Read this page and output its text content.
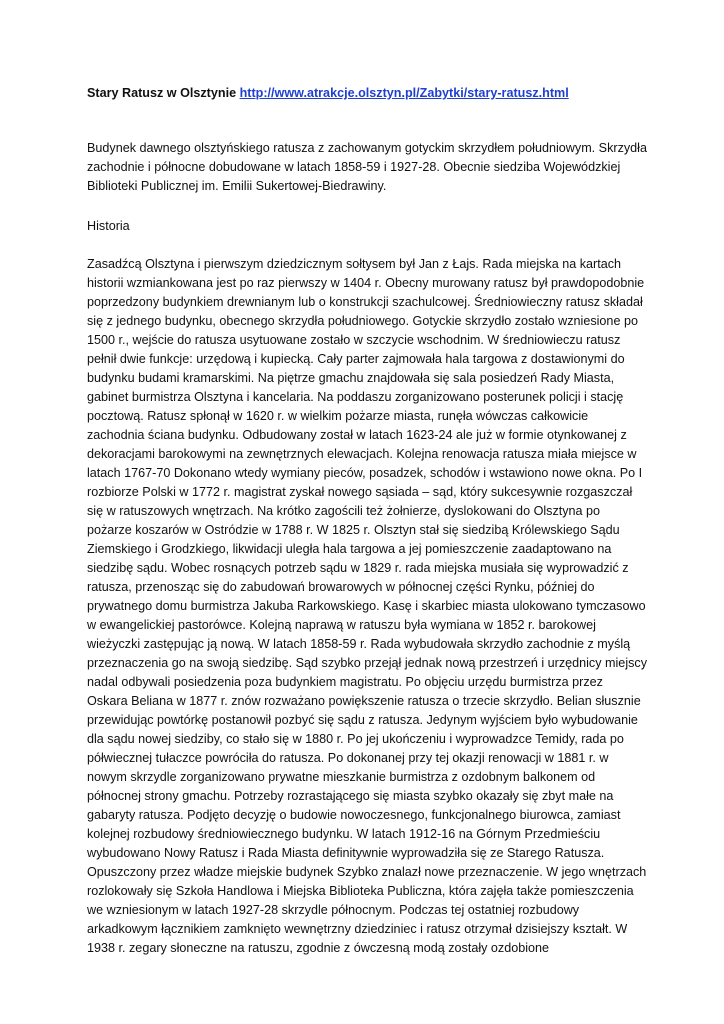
Stary Ratusz w Olsztynie http://www.atrakcje.olsztyn.pl/Zabytki/stary-ratusz.html

Budynek dawnego olsztyńskiego ratusza z zachowanym gotyckim skrzydłem południowym. Skrzydła zachodnie i północne dobudowane w latach 1858-59 i 1927-28. Obecnie siedziba Wojewódzkiej Biblioteki Publicznej im. Emilii Sukertowej-Biedrawiny.

Historia

Zasadźcą Olsztyna i pierwszym dziedzicznym sołtysem był Jan z Łajs. Rada miejska na kartach historii wzmiankowana jest po raz pierwszy w 1404 r. Obecny murowany ratusz był prawdopodobnie poprzedzony budynkiem drewnianym lub o konstrukcji szachulcowej. Średniowieczny ratusz składał się z jednego budynku, obecnego skrzydła południowego. Gotyckie skrzydło zostało wzniesione po 1500 r., wejście do ratusza usytuowane zostało w szczycie wschodnim. W średniowieczu ratusz pełnił dwie funkcje: urzędową i kupiecką. Cały parter zajmowała hala targowa z dostawionymi do budynku budami kramarskimi. Na piętrze gmachu znajdowała się sala posiedzeń Rady Miasta, gabinet burmistrza Olsztyna i kancelaria. Na poddaszu zorganizowano posterunek policji i stację pocztową. Ratusz spłonął w 1620 r. w wielkim pożarze miasta, runęła wówczas całkowicie zachodnia ściana budynku. Odbudowany został w latach 1623-24 ale już w formie otynkowanej z dekoracjami barokowymi na zewnętrznych elewacjach. Kolejna renowacja ratusza miała miejsce w latach 1767-70 Dokonano wtedy wymiany pieców, posadzek, schodów i wstawiono nowe okna. Po I rozbiorze Polski w 1772 r. magistrat zyskał nowego sąsiada – sąd, który sukcesywnie rozgaszczał się w ratuszowych wnętrzach. Na krótko zagościli też żołnierze, dyslokowani do Olsztyna po pożarze koszarów w Ostródzie w 1788 r. W 1825 r. Olsztyn stał się siedzibą Królewskiego Sądu Ziemskiego i Grodzkiego, likwidacji uległa hala targowa a jej pomieszczenie zaadaptowano na siedzibę sądu. Wobec rosnących potrzeb sądu w 1829 r. rada miejska musiała się wyprowadzić z ratusza, przenosząc się do zabudowań browarowych w północnej części Rynku, później do prywatnego domu burmistrza Jakuba Rarkowskiego. Kasę i skarbiec miasta ulokowano tymczasowo w ewangelickiej pastorówce. Kolejną naprawą w ratuszu była wymiana w 1852 r. barokowej wieżyczki zastępując ją nową. W latach 1858-59 r. Rada wybudowała skrzydło zachodnie z myślą przeznaczenia go na swoją siedzibę. Sąd szybko przejął jednak nową przestrzeń i urzędnicy miejscy nadal odbywali posiedzenia poza budynkiem magistratu. Po objęciu urzędu burmistrza przez Oskara Beliana w 1877 r. znów rozważano powiększenie ratusza o trzecie skrzydło. Belian słusznie przewidując powtórkę postanowił pozbyć się sądu z ratusza. Jedynym wyjściem było wybudowanie dla sądu nowej siedziby, co stało się w 1880 r. Po jej ukończeniu i wyprowadzce Temidy, rada po półwiecznej tułaczce powróciła do ratusza. Po dokonanej przy tej okazji renowacji w 1881 r. w nowym skrzydle zorganizowano prywatne mieszkanie burmistrza z ozdobnym balkonem od północnej strony gmachu. Potrzeby rozrastającego się miasta szybko okazały się zbyt małe na gabaryty ratusza. Podjęto decyzję o budowie nowoczesnego, funkcjonalnego biurowca, zamiast kolejnej rozbudowy średniowiecznego budynku. W latach 1912-16 na Górnym Przedmieściu wybudowano Nowy Ratusz i Rada Miasta definitywnie wyprowadziła się ze Starego Ratusza. Opuszczony przez władze miejskie budynek Szybko znalazł nowe przeznaczenie. W jego wnętrzach rozlokowały się Szkoła Handlowa i Miejska Biblioteka Publiczna, która zajęła także pomieszczenia we wzniesionym w latach 1927-28 skrzydle północnym. Podczas tej ostatniej rozbudowy arkadkowym łącznikiem zamknięto wewnętrzny dziedziniec i ratusz otrzymał dzisiejszy kształt. W 1938 r. zegary słoneczne na ratuszu, zgodnie z ówczesną modą zostały ozdobione
